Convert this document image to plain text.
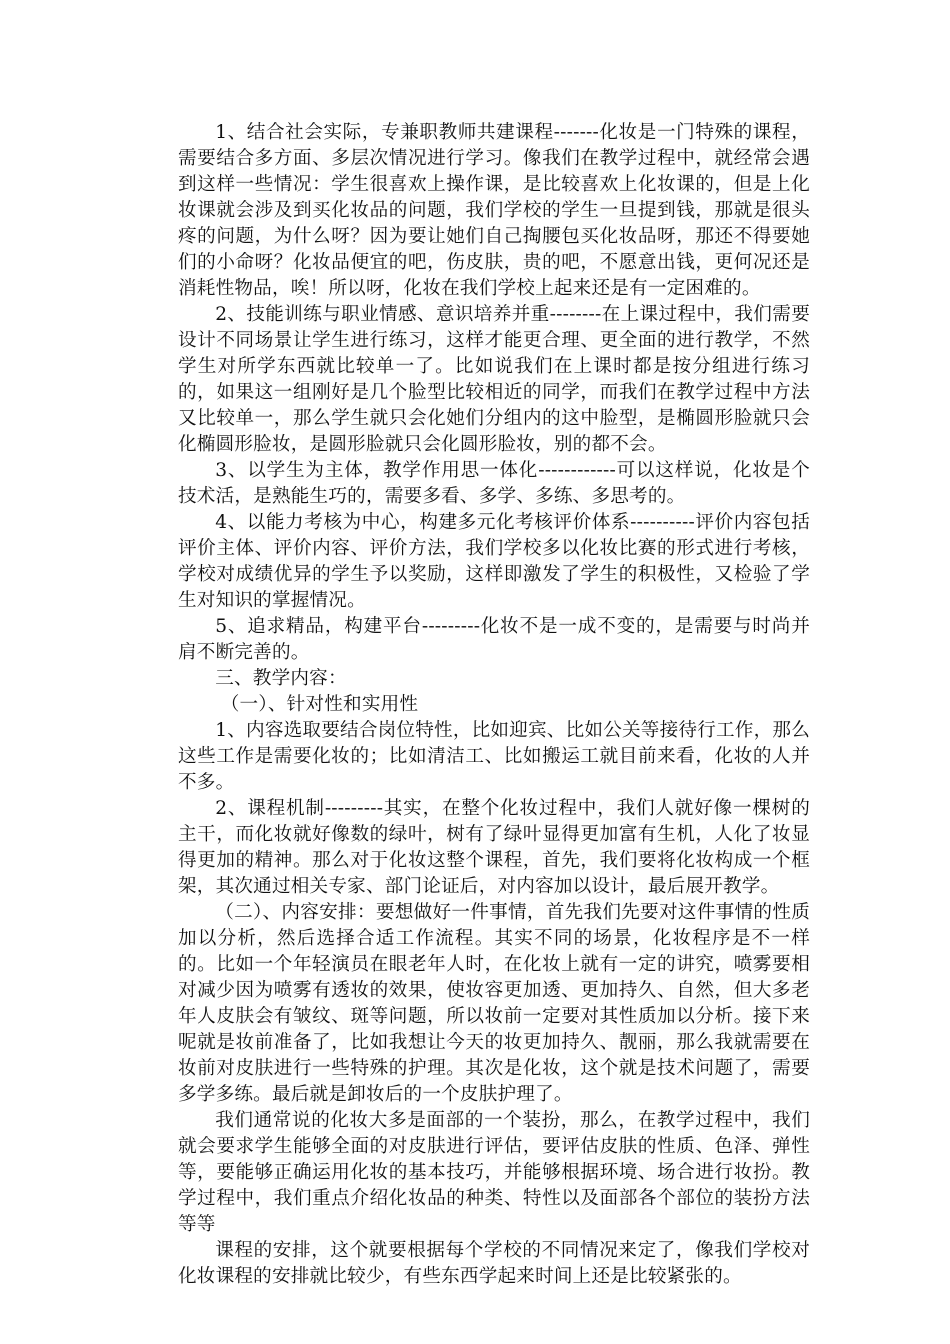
1、结合社会实际，专兼职教师共建课程-------化妆是一门特殊的课程，需要结合多方面、多层次情况进行学习。像我们在教学过程中，就经常会遇到这样一些情况：学生很喜欢上操作课，是比较喜欢上化妆课的，但是上化妆课就会涉及到买化妆品的问题，我们学校的学生一旦提到钱，那就是很头疼的问题，为什么呀？因为要让她们自己掏腰包买化妆品呀，那还不得要她们的小命呀？化妆品便宜的吧，伤皮肤，贵的吧，不愿意出钱，更何况还是消耗性物品，唉！所以呀，化妆在我们学校上起来还是有一定困难的。

2、技能训练与职业情感、意识培养并重--------在上课过程中，我们需要设计不同场景让学生进行练习，这样才能更合理、更全面的进行教学，不然学生对所学东西就比较单一了。比如说我们在上课时都是按分组进行练习的，如果这一组刚好是几个脸型比较相近的同学，而我们在教学过程中方法又比较单一，那么学生就只会化她们分组内的这中脸型，是椭圆形脸就只会化椭圆形脸妆，是圆形脸就只会化圆形脸妆，别的都不会。

3、以学生为主体，教学作用思一体化------------可以这样说，化妆是个技术活，是熟能生巧的，需要多看、多学、多练、多思考的。

4、以能力考核为中心，构建多元化考核评价体系----------评价内容包括评价主体、评价内容、评价方法，我们学校多以化妆比赛的形式进行考核，学校对成绩优异的学生予以奖励，这样即激发了学生的积极性，又检验了学生对知识的掌握情况。

5、追求精品，构建平台---------化妆不是一成不变的，是需要与时尚并肩不断完善的。

三、教学内容：

（一）、针对性和实用性

1、内容选取要结合岗位特性，比如迎宾、比如公关等接待行工作，那么这些工作是需要化妆的；比如清洁工、比如搬运工就目前来看，化妆的人并不多。

2、课程机制---------其实，在整个化妆过程中，我们人就好像一棵树的主干，而化妆就好像数的绿叶，树有了绿叶显得更加富有生机，人化了妆显得更加的精神。那么对于化妆这整个课程，首先，我们要将化妆构成一个框架，其次通过相关专家、部门论证后，对内容加以设计，最后展开教学。

（二）、内容安排：要想做好一件事情，首先我们先要对这件事情的性质加以分析，然后选择合适工作流程。其实不同的场景，化妆程序是不一样的。比如一个年轻演员在眼老年人时，在化妆上就有一定的讲究，喷雾要相对减少因为喷雾有透妆的效果，使妆容更加透、更加持久、自然，但大多老年人皮肤会有皱纹、斑等问题，所以妆前一定要对其性质加以分析。接下来呢就是妆前准备了，比如我想让今天的妆更加持久、靓丽，那么我就需要在妆前对皮肤进行一些特殊的护理。其次是化妆，这个就是技术问题了，需要多学多练。最后就是卸妆后的一个皮肤护理了。

我们通常说的化妆大多是面部的一个装扮，那么，在教学过程中，我们就会要求学生能够全面的对皮肤进行评估，要评估皮肤的性质、色泽、弹性等，要能够正确运用化妆的基本技巧，并能够根据环境、场合进行妆扮。教学过程中，我们重点介绍化妆品的种类、特性以及面部各个部位的装扮方法等等

课程的安排，这个就要根据每个学校的不同情况来定了，像我们学校对化妆课程的安排就比较少，有些东西学起来时间上还是比较紧张的。
